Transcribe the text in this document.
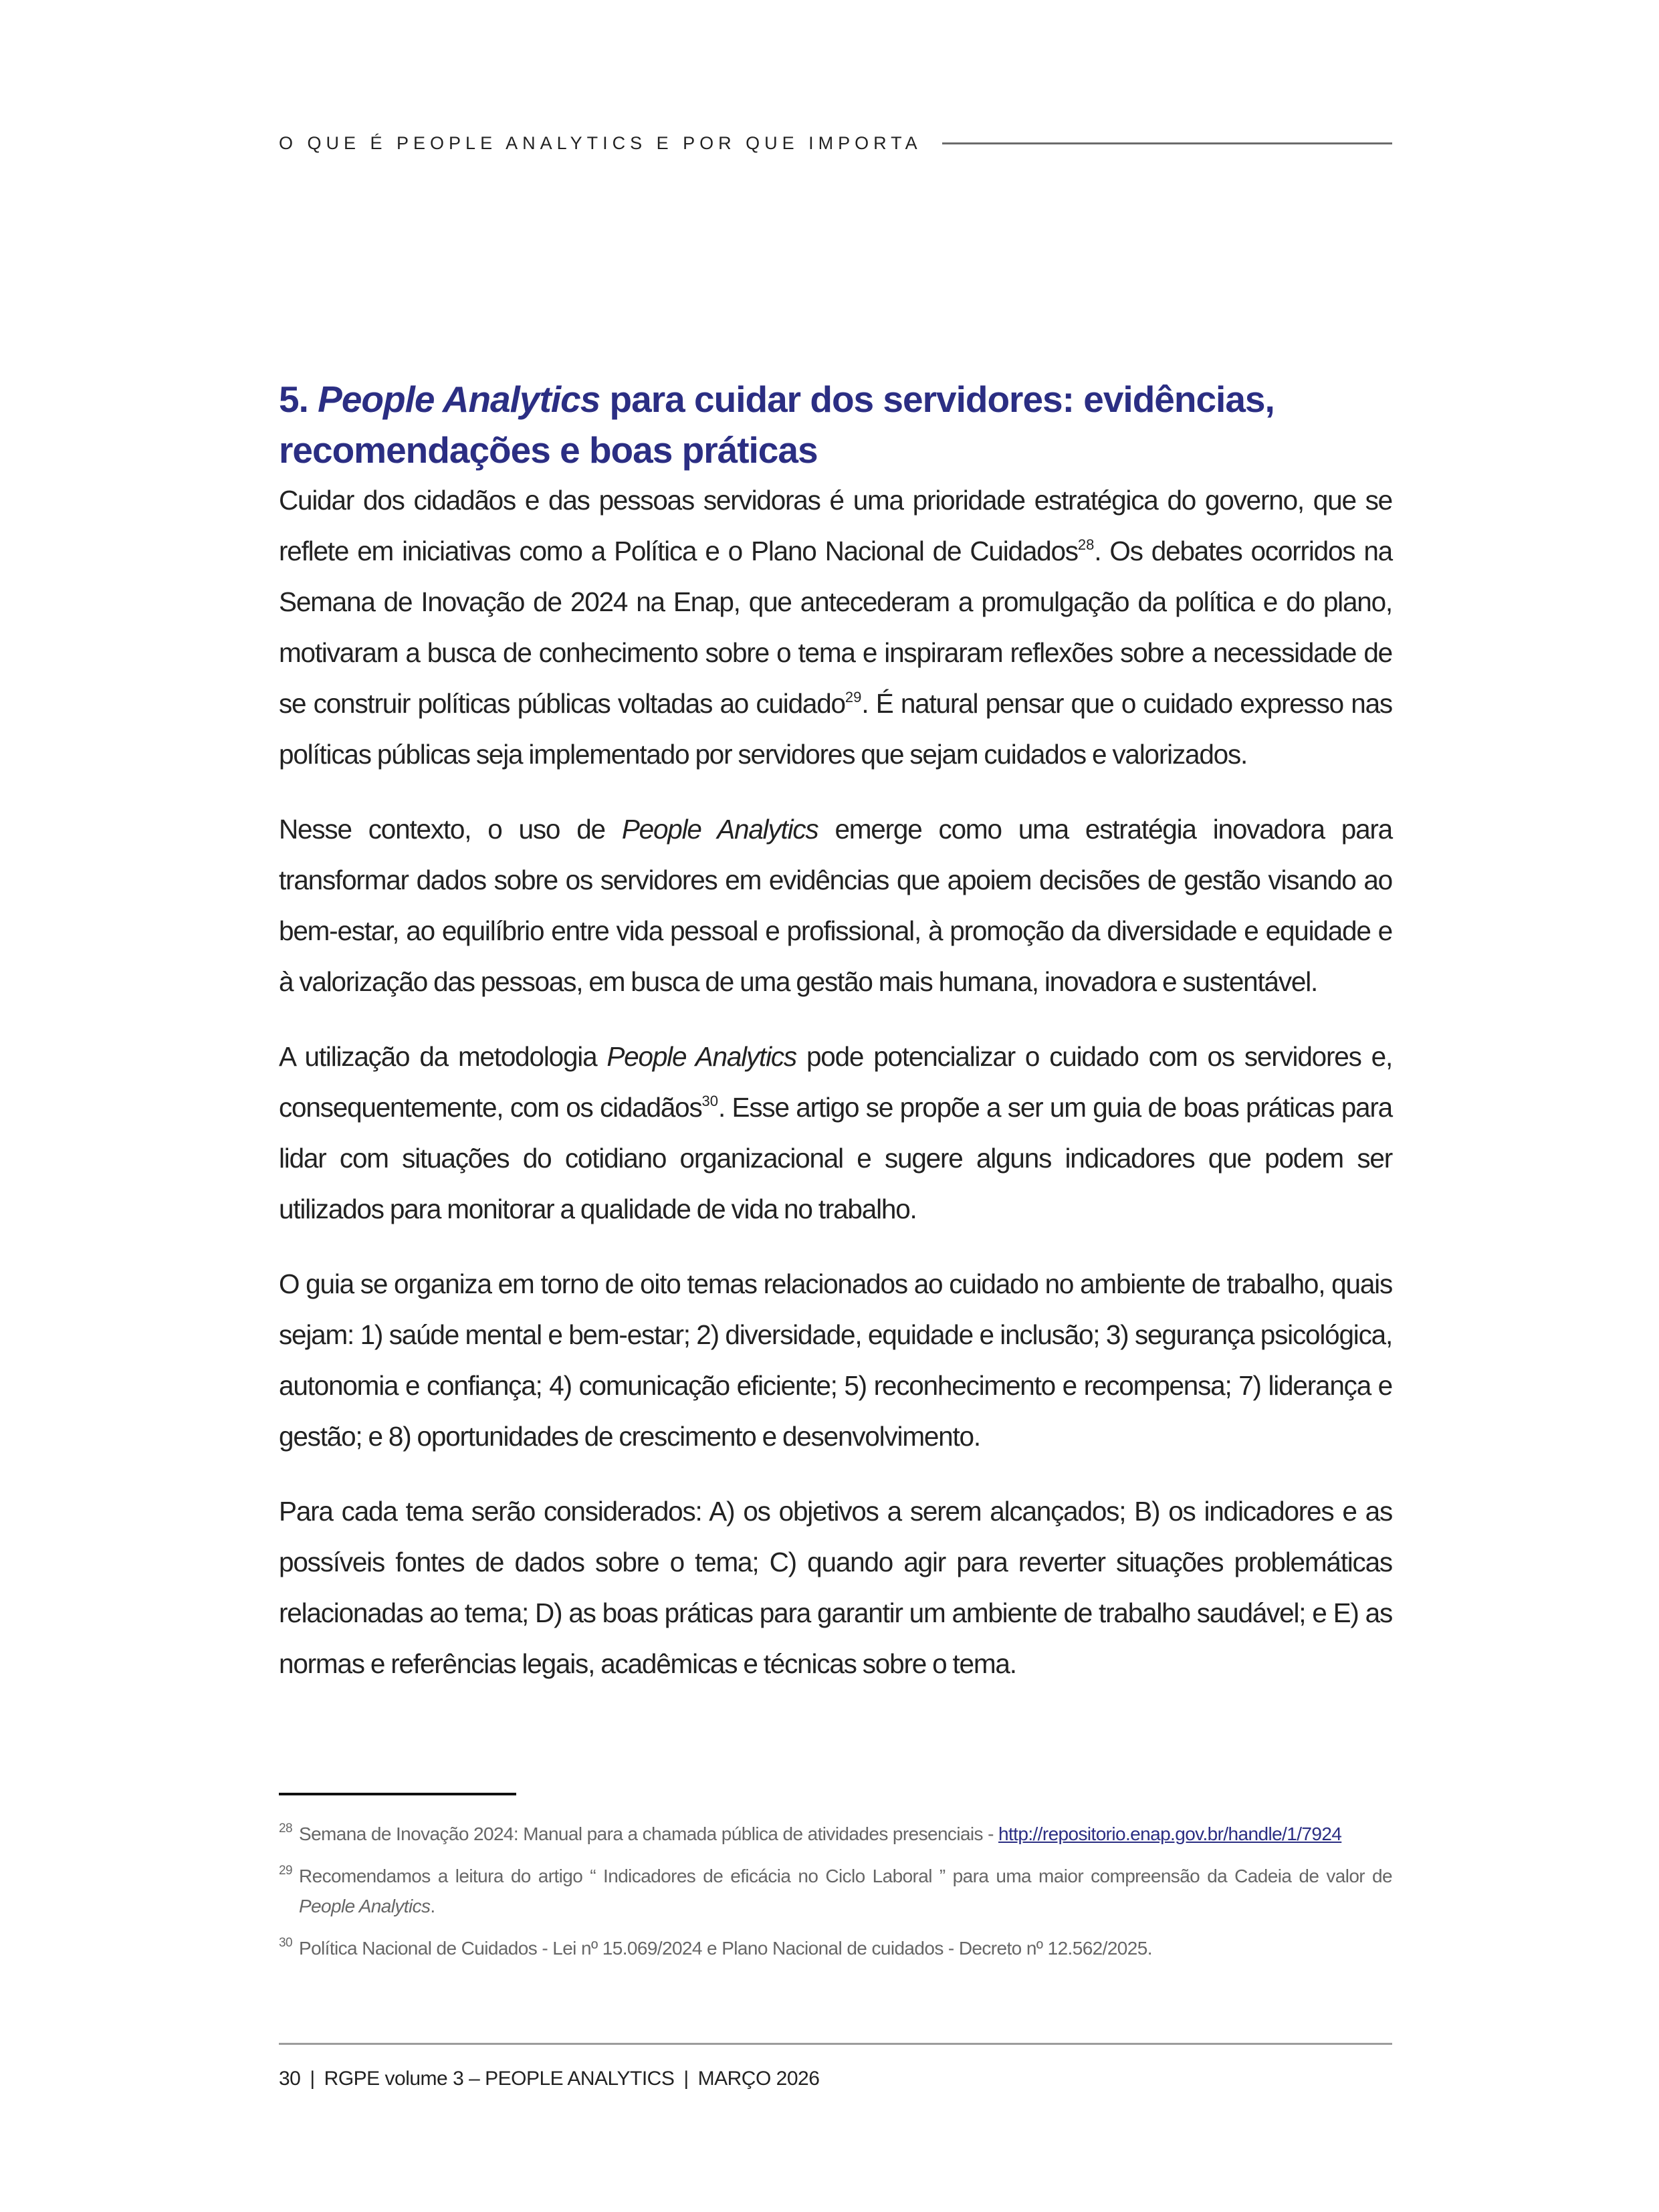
O QUE É PEOPLE ANALYTICS E POR QUE IMPORTA
5. People Analytics para cuidar dos servidores: evidências, recomendações e boas práticas

Cuidar dos cidadãos e das pessoas servidoras é uma prioridade estratégica do governo, que se reflete em iniciativas como a Política e o Plano Nacional de Cuidados$^{28}$. Os debates ocorridos na Semana de Inovação de 2024 na Enap, que antecederam a promulgação da política e do plano, motivaram a busca de conhecimento sobre o tema e inspiraram reflexões sobre a necessidade de se construir políticas públicas voltadas ao cuidado$^{29}$. É natural pensar que o cuidado expresso nas políticas públicas seja implementado por servidores que sejam cuidados e valorizados.

Nesse contexto, o uso de People Analytics emerge como uma estratégia inovadora para transformar dados sobre os servidores em evidências que apoiem decisões de gestão visando ao bem-estar, ao equilíbrio entre vida pessoal e profissional, à promoção da diversidade e equidade e à valorização das pessoas, em busca de uma gestão mais humana, inovadora e sustentável.

A utilização da metodologia People Analytics pode potencializar o cuidado com os servidores e, consequentemente, com os cidadãos$^{30}$. Esse artigo se propõe a ser um guia de boas práticas para lidar com situações do cotidiano organizacional e sugere alguns indicadores que podem ser utilizados para monitorar a qualidade de vida no trabalho.

O guia se organiza em torno de oito temas relacionados ao cuidado no ambiente de trabalho, quais sejam: 1) saúde mental e bem-estar; 2) diversidade, equidade e inclusão; 3) segurança psicológica, autonomia e confiança; 4) comunicação eficiente; 5) reconhecimento e recompensa; 7) liderança e gestão; e 8) oportunidades de crescimento e desenvolvimento.

Para cada tema serão considerados: A) os objetivos a serem alcançados; B) os indicadores e as possíveis fontes de dados sobre o tema; C) quando agir para reverter situações problemáticas relacionadas ao tema; D) as boas práticas para garantir um ambiente de trabalho saudável; e E) as normas e referências legais, acadêmicas e técnicas sobre o tema.

28 Semana de Inovação 2024: Manual para a chamada pública de atividades presenciais - http://repositorio.enap.gov.br/handle/1/7924
29 Recomendamos a leitura do artigo “ Indicadores de eficácia no Ciclo Laboral ” para uma maior compreensão da Cadeia de valor de People Analytics.
30 Política Nacional de Cuidados - Lei nº 15.069/2024 e Plano Nacional de cuidados - Decreto nº 12.562/2025.
30 | RGPE volume 3 – PEOPLE ANALYTICS | MARÇO 2026
